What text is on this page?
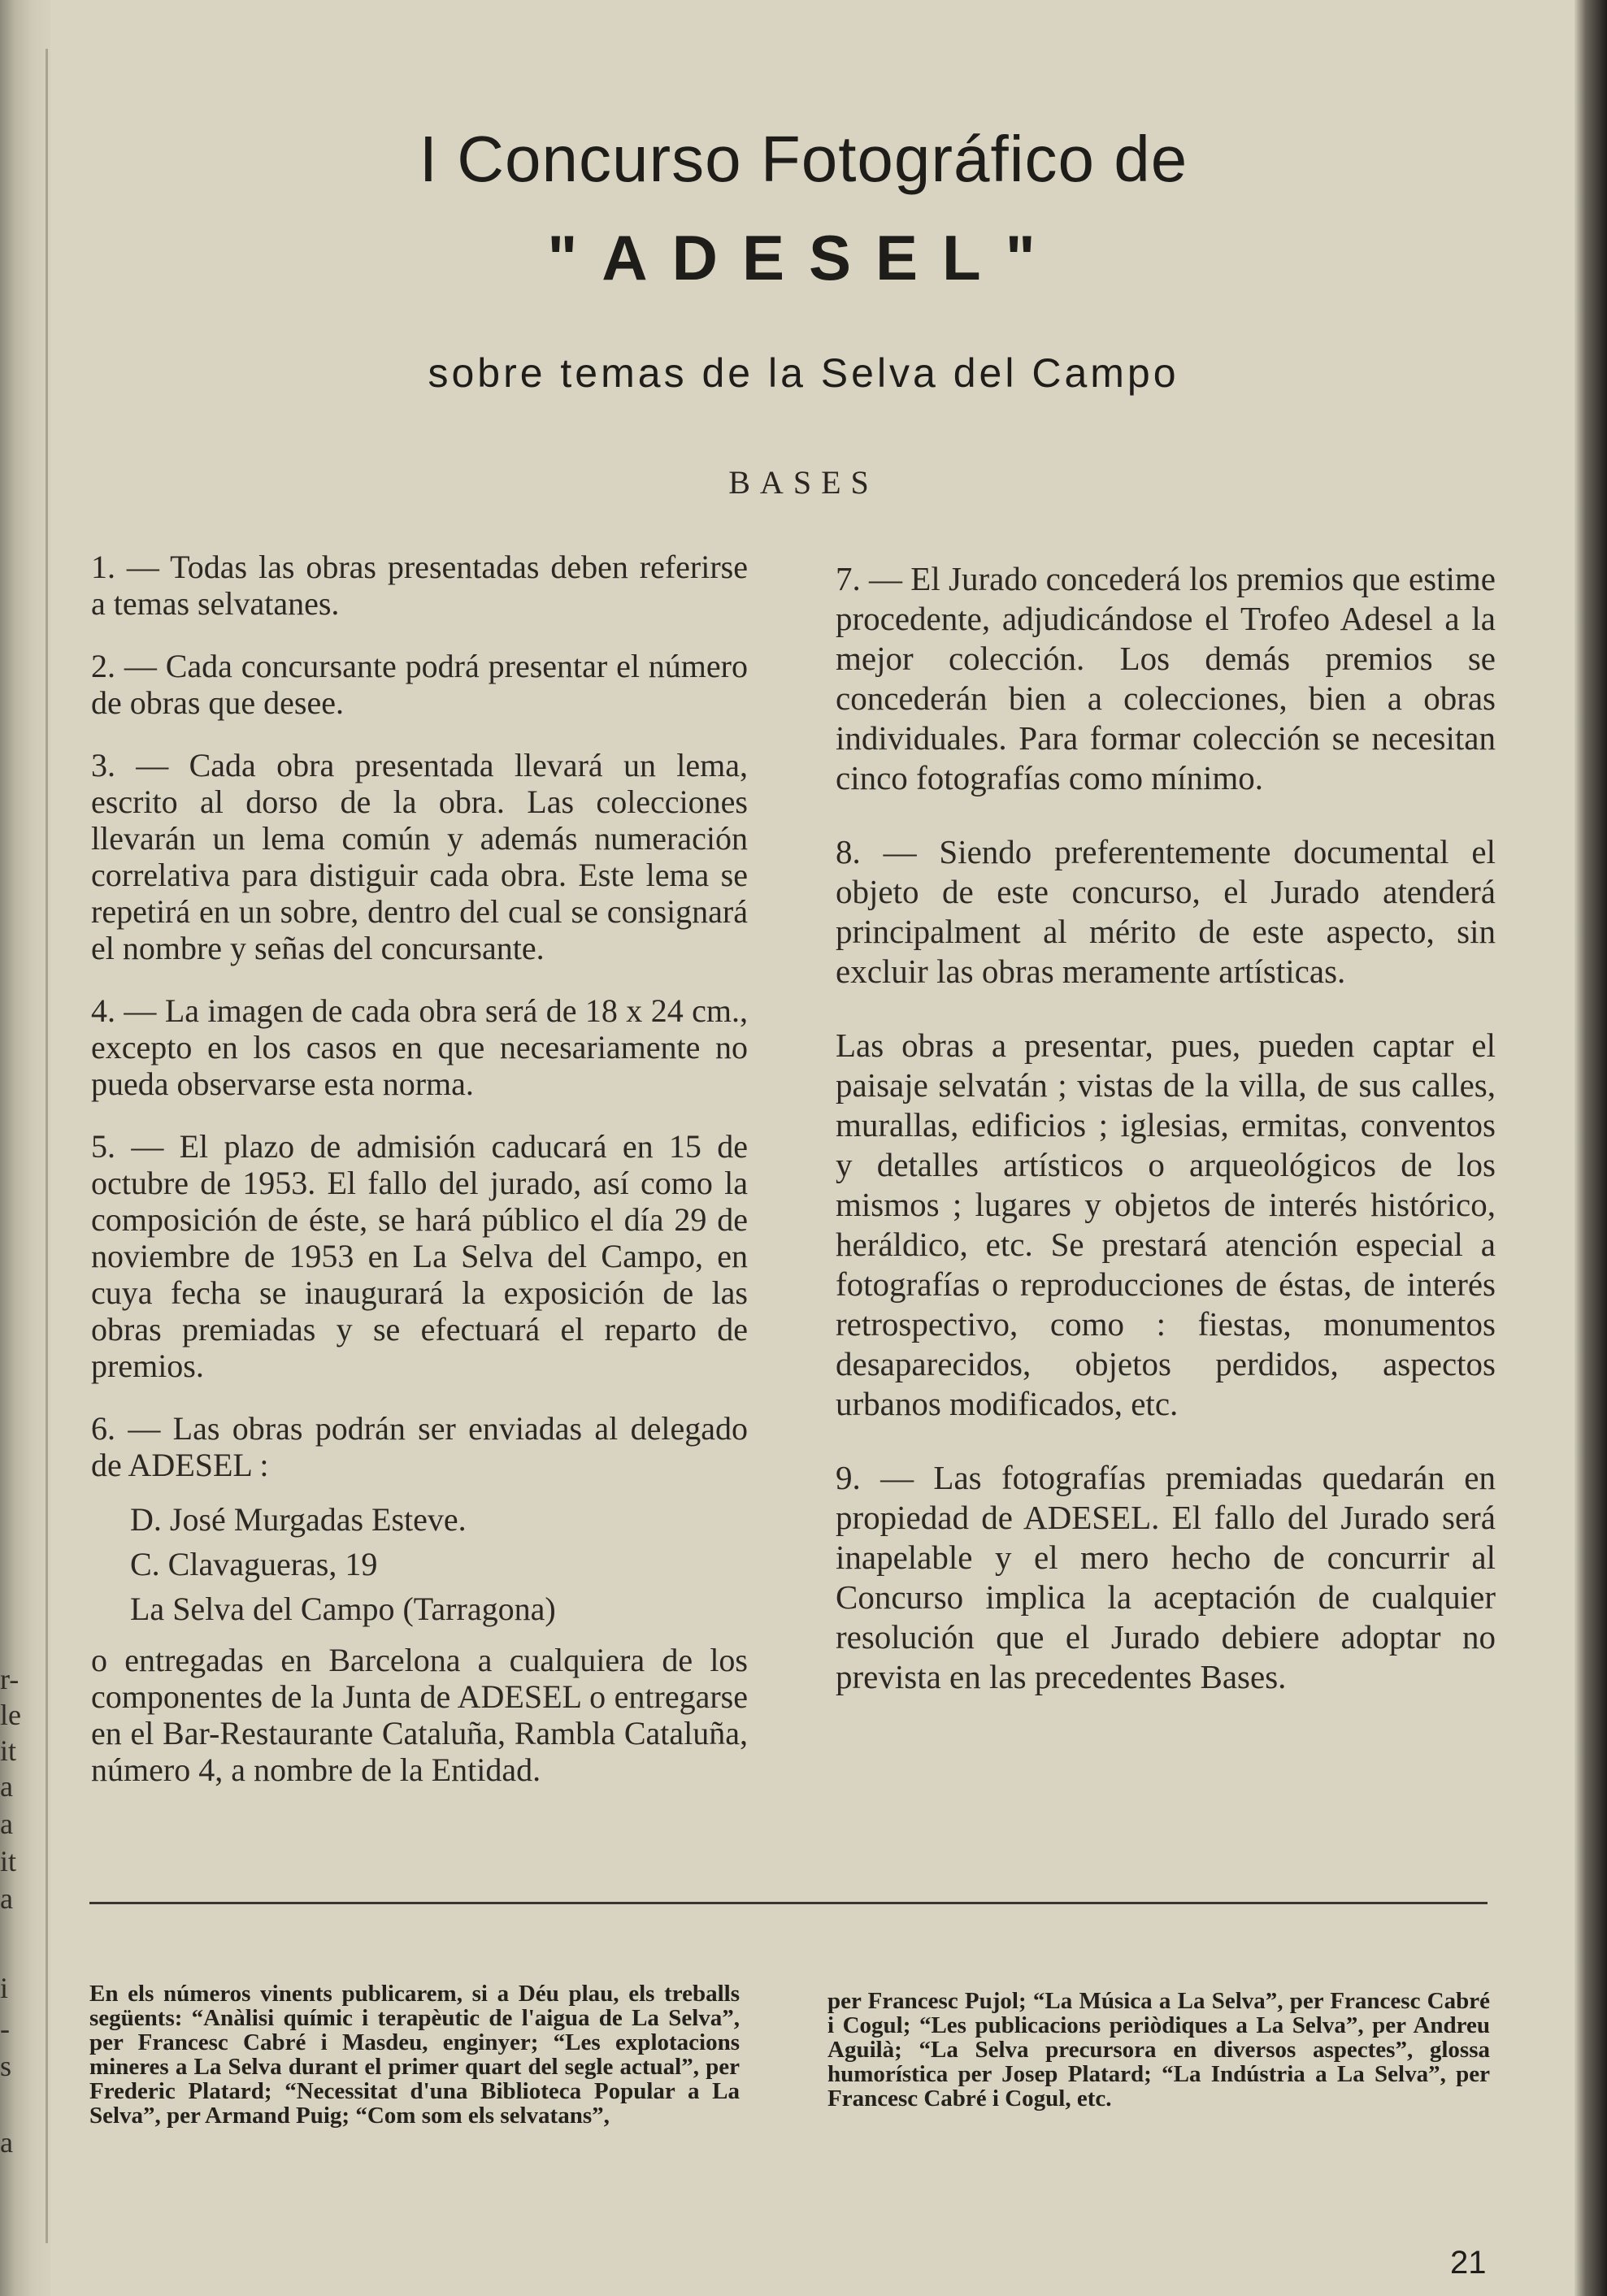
r-
le
it
a
a
it
a
i
-
s
a
I Concurso Fotográfico de
"ADESEL"
sobre temas de la Selva del Campo
BASES

1. — Todas las obras presentadas deben referirse a temas selvatanes.

2. — Cada concursante podrá presentar el número de obras que desee.

3. — Cada obra presentada llevará un lema, escrito al dorso de la obra. Las colecciones llevarán un lema común y además numeración correlativa para distiguir cada obra. Este lema se repetirá en un sobre, dentro del cual se consignará el nombre y señas del concursante.

4. — La imagen de cada obra será de 18 x 24 cm., excepto en los casos en que necesariamente no pueda observarse esta norma.

5. — El plazo de admisión caducará en 15 de octubre de 1953. El fallo del jurado, así como la composición de éste, se hará público el día 29 de noviembre de 1953 en La Selva del Campo, en cuya fecha se inaugurará la exposición de las obras premiadas y se efectuará el reparto de premios.

6. — Las obras podrán ser enviadas al delegado de ADESEL :

D. José Murgadas Esteve.

C. Clavagueras, 19

La Selva del Campo (Tarragona)

o entregadas en Barcelona a cualquiera de los componentes de la Junta de ADESEL o entregarse en el Bar-Restaurante Cataluña, Rambla Cataluña, número 4, a nombre de la Entidad.

7. — El Jurado concederá los premios que estime procedente, adjudicándose el Trofeo Adesel a la mejor colección. Los demás premios se concederán bien a colecciones, bien a obras individuales. Para formar colección se necesitan cinco fotografías como mínimo.

8. — Siendo preferentemente documental el objeto de este concurso, el Jurado atenderá principalment al mérito de este aspecto, sin excluir las obras meramente artísticas.

Las obras a presentar, pues, pueden captar el paisaje selvatán ; vistas de la villa, de sus calles, murallas, edificios ; iglesias, ermitas, conventos y detalles artísticos o arqueológicos de los mismos ; lugares y objetos de interés histórico, heráldico, etc. Se prestará atención especial a fotografías o reproducciones de éstas, de interés retrospectivo, como : fiestas, monumentos desaparecidos, objetos perdidos, aspectos urbanos modificados, etc.

9. — Las fotografías premiadas quedarán en propiedad de ADESEL. El fallo del Jurado será inapelable y el mero hecho de concurrir al Concurso implica la aceptación de cualquier resolución que el Jurado debiere adoptar no prevista en las precedentes Bases.

En els números vinents publicarem, si a Déu plau, els treballs següents: “Anàlisi químic i terapèutic de l'aigua de La Selva”, per Francesc Cabré i Masdeu, enginyer; “Les explotacions mineres a La Selva durant el primer quart del segle actual”, per Frederic Platard; “Necessitat d'una Biblioteca Popular a La Selva”, per Armand Puig; “Com som els selvatans”,
per Francesc Pujol; “La Música a La Selva”, per Francesc Cabré i Cogul; “Les publicacions periòdiques a La Selva”, per Andreu Aguilà; “La Selva precursora en diversos aspectes”, glossa humorística per Josep Platard; “La Indústria a La Selva”, per Francesc Cabré i Cogul, etc.
21
